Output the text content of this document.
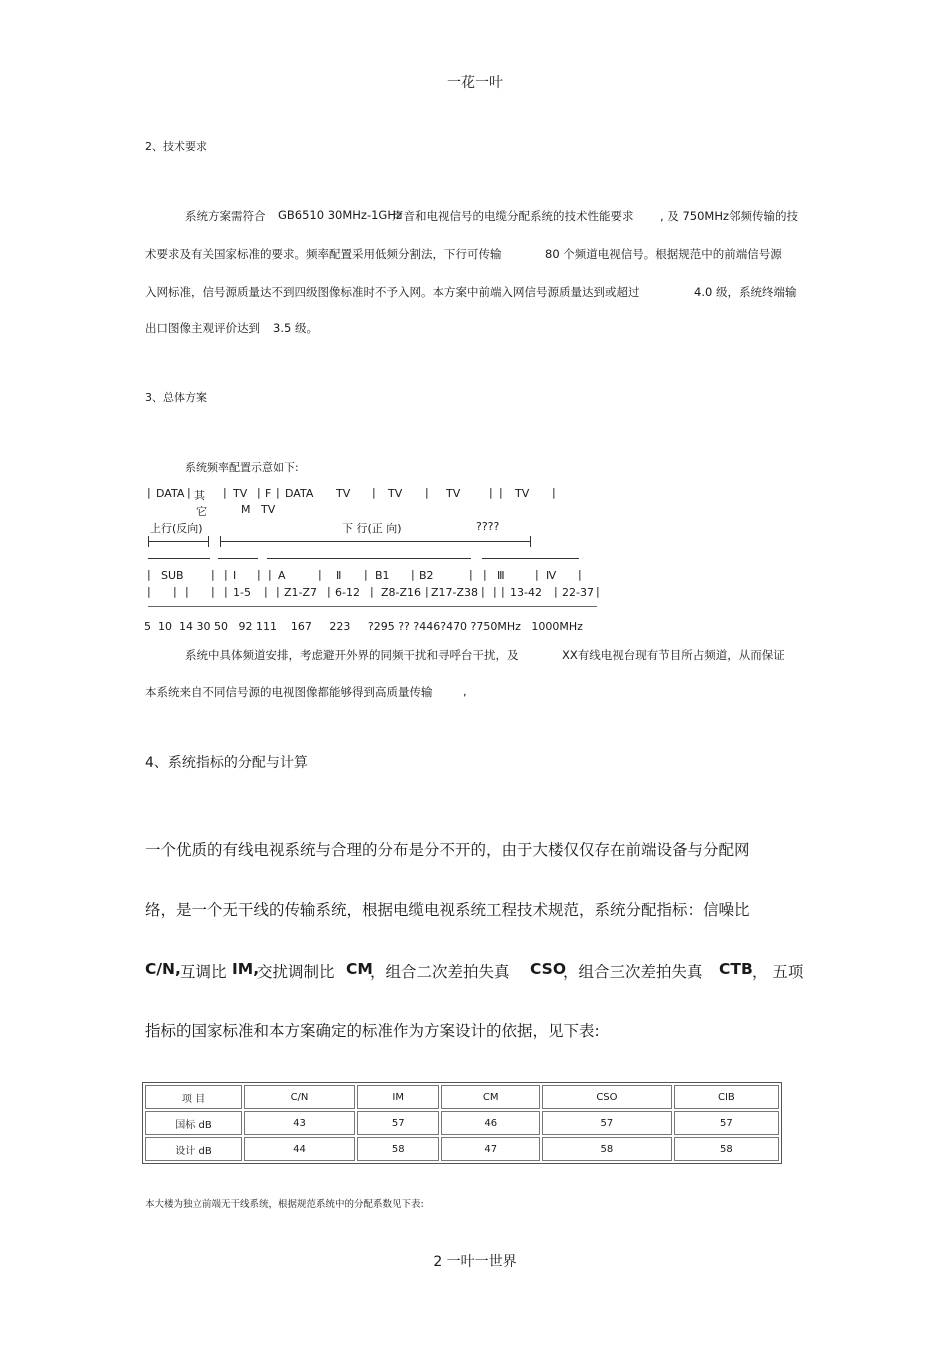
一花一叶
2、技术要求
系统方案需符合 GB6510 30MHz-1GHz
声音和电视信号的电缆分配系统的技术性能要求 , 及 750MHz邻频传输的技
术要求及有关国家标准的要求。频率配置采用低频分割法，下行可传输	80 个频道电视信号。根据规范中的前端信号源
入网标准，信号源质量达不到四级图像标准时不予入网。本方案中前端入网信号源质量达到或超过	4.0 级，系统终端输
出口图像主观评价达到 3.5 级。
3、总体方案
系统频率配置示意如下:
| DATA | 其 | TV | F | DATA TV | TV | TV	| | TV |
它	M TV
上行(反向)	下 行(正 向)	????
| SUB | | I | | A	| Ⅱ | B1 | B2	| | Ⅲ	| Ⅳ |
| | | | | 1-5 | | Z1-Z7 | 6-12 | Z8-Z16 | Z17-Z38 | | | 13-42 | 22-37 |
5  10  14 30 50   92 111    167     223     ?295 ?? ?446?470 ?750MHz   1000MHz
系统中具体频道安排，考虑避开外界的同频干扰和寻呼台干扰，及	XX有线电视台现有节目所占频道，从而保证
本系统来自不同信号源的电视图像都能够得到高质量传输	,
4、系统指标的分配与计算
一个优质的有线电视系统与合理的分布是分不开的，由于大楼仅仅存在前端设备与分配网
络，是一个无干线的传输系统，根据电缆电视系统工程技术规范，系统分配指标：信噪比
C/N, 互调比 IM,
交扰调制比 CM
，组合二次差拍失真 CSO
，组合三次差拍失真 CTB ， 五项
指标的国家标准和本方案确定的标准作为方案设计的依据，见下表:
项 目	C/N	IM	CM	CSO	CIB
国标 dB	43	57	46	57	57
设计 dB	44	58	47	58	58
本大楼为独立前端无干线系统，根据规范系统中的分配系数见下表:
2 一叶一世界
